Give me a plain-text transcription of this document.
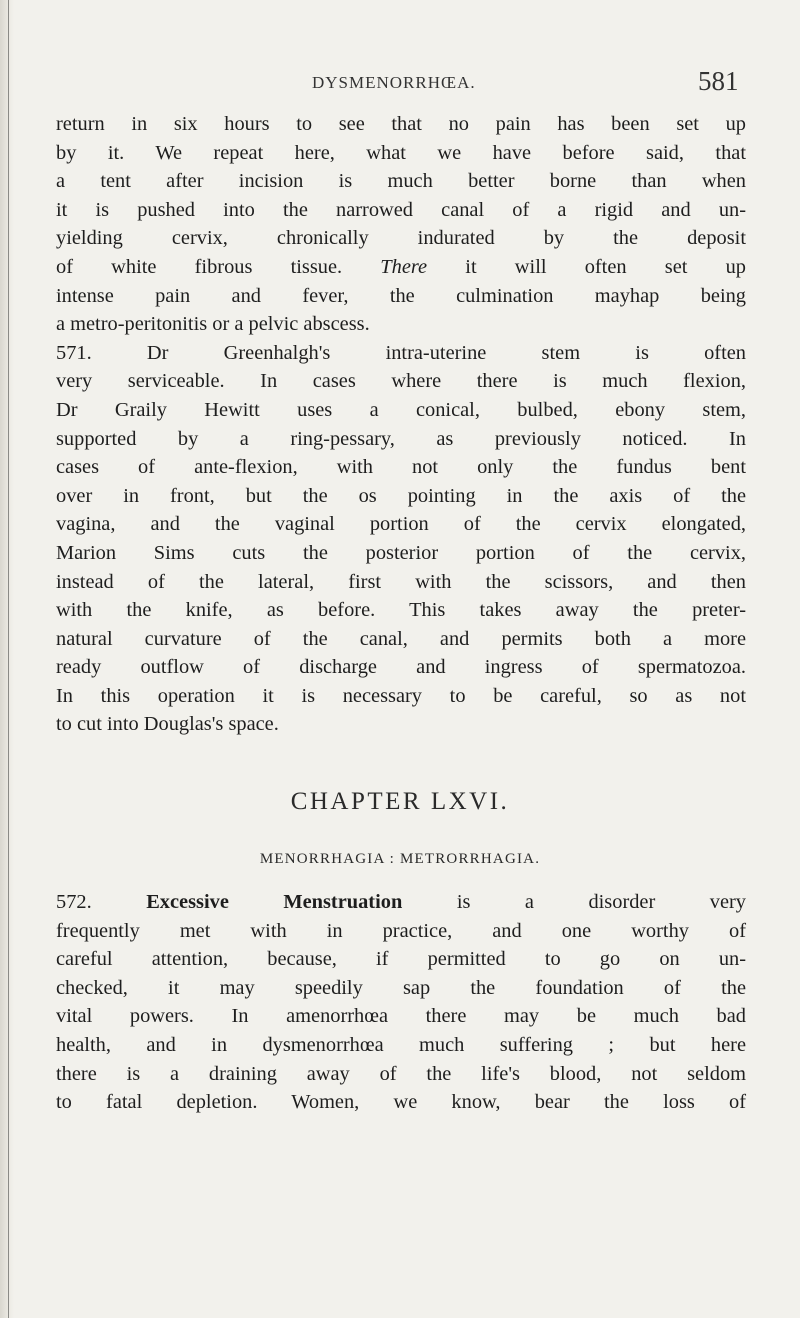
DYSMENORRHŒA.	581
return in six hours to see that no pain has been set up
by it. We repeat here, what we have before said, that
a tent after incision is much better borne than when
it is pushed into the narrowed canal of a rigid and un-
yielding cervix, chronically indurated by the deposit
of white fibrous tissue. There it will often set up
intense pain and fever, the culmination mayhap being
a metro-peritonitis or a pelvic abscess.
571. Dr Greenhalgh's intra-uterine stem is often
very serviceable. In cases where there is much flexion,
Dr Graily Hewitt uses a conical, bulbed, ebony stem,
supported by a ring-pessary, as previously noticed. In
cases of ante-flexion, with not only the fundus bent
over in front, but the os pointing in the axis of the
vagina, and the vaginal portion of the cervix elongated,
Marion Sims cuts the posterior portion of the cervix,
instead of the lateral, first with the scissors, and then
with the knife, as before. This takes away the preter-
natural curvature of the canal, and permits both a more
ready outflow of discharge and ingress of spermatozoa.
In this operation it is necessary to be careful, so as not
to cut into Douglas's space.
CHAPTER LXVI.
MENORRHAGIA : METRORRHAGIA.
572.	Excessive Menstruation	is a disorder very
frequently met with in practice, and one worthy of
careful attention, because, if permitted to go on un-
checked, it may speedily sap the foundation of the
vital powers. In amenorrhœa there may be much bad
health, and in dysmenorrhœa much suffering ; but here
there is a draining away of the life's blood, not seldom
to fatal depletion. Women, we know, bear the loss of
